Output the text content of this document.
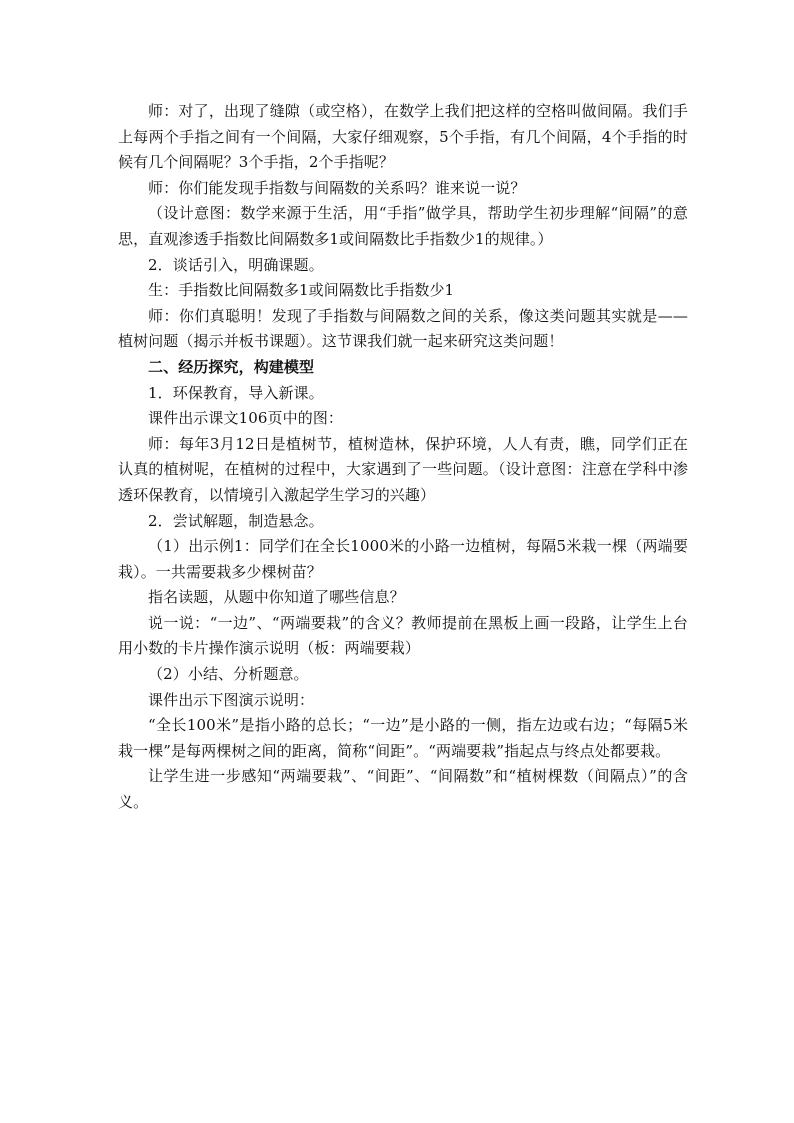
师：对了，出现了缝隙（或空格），在数学上我们把这样的空格叫做间隔。我们手上每两个手指之间有一个间隔，大家仔细观察，5个手指，有几个间隔，4个手指的时候有几个间隔呢？3个手指，2个手指呢？

师：你们能发现手指数与间隔数的关系吗？谁来说一说？

（设计意图：数学来源于生活，用“手指”做学具，帮助学生初步理解“间隔”的意思，直观渗透手指数比间隔数多1或间隔数比手指数少1的规律。）

2．谈话引入，明确课题。

生：手指数比间隔数多1或间隔数比手指数少1

师：你们真聪明！发现了手指数与间隔数之间的关系，像这类问题其实就是——植树问题（揭示并板书课题）。这节课我们就一起来研究这类问题！

二、经历探究，构建模型

1．环保教育，导入新课。

课件出示课文106页中的图：

师：每年3月12日是植树节，植树造林，保护环境，人人有责，瞧，同学们正在认真的植树呢，在植树的过程中，大家遇到了一些问题。（设计意图：注意在学科中渗透环保教育，以情境引入激起学生学习的兴趣）

2．尝试解题，制造悬念。

（1）出示例1：同学们在全长1000米的小路一边植树，每隔5米栽一棵（两端要栽）。一共需要栽多少棵树苗？

指名读题，从题中你知道了哪些信息？

说一说：“一边”、“两端要栽”的含义？教师提前在黑板上画一段路，让学生上台用小数的卡片操作演示说明（板：两端要栽）

（2）小结、分析题意。

课件出示下图演示说明：

“全长100米”是指小路的总长；“一边”是小路的一侧，指左边或右边；“每隔5米栽一棵”是每两棵树之间的距离，简称“间距”。“两端要栽”指起点与终点处都要栽。

让学生进一步感知“两端要栽”、“间距”、“间隔数”和“植树棵数（间隔点）”的含义。
